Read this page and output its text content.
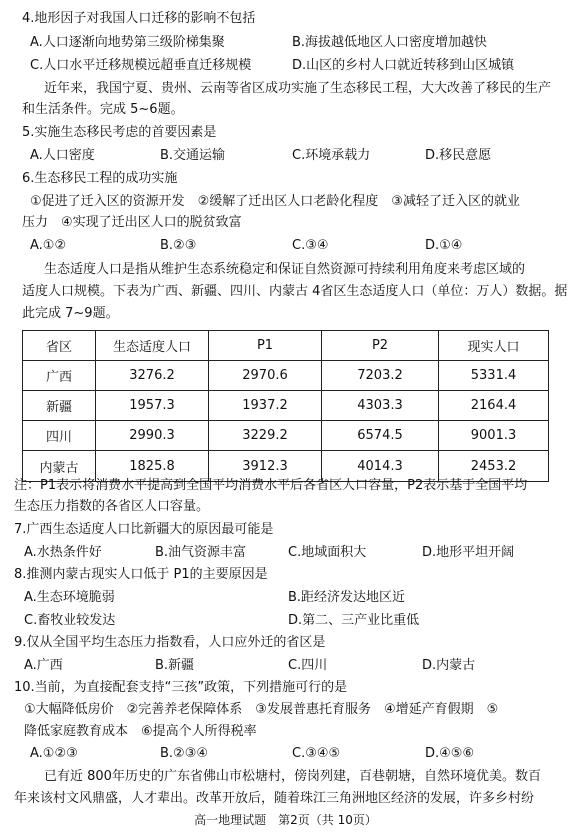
4.地形因子对我国人口迁移的影响不包括
A.人口逐渐向地势第三级阶梯集聚	B.海拔越低地区人口密度增加越快
C.人口水平迁移规模远超垂直迁移规模	D.山区的乡村人口就近转移到山区城镇
近年来，我国宁夏、贵州、云南等省区成功实施了生态移民工程，大大改善了移民的生产
和生活条件。完成 5~6题。
5.实施生态移民考虑的首要因素是
A.人口密度	B.交通运输	C.环境承载力	D.移民意愿
6.生态移民工程的成功实施
①促进了迁入区的资源开发　②缓解了迁出区人口老龄化程度　③减轻了迁入区的就业
压力　④实现了迁出区人口的脱贫致富
A.①②	B.②③	C.③④	D.①④
生态适度人口是指从维护生态系统稳定和保证自然资源可持续利用角度来考虑区域的
适度人口规模。下表为广西、新疆、四川、内蒙古 4省区生态适度人口（单位：万人）数据。据
此完成 7~9题。
省区	生态适度人口	P1	P2	现实人口
广西	3276.2	2970.6	7203.2	5331.4
新疆	1957.3	1937.2	4303.3	2164.4
四川	2990.3	3229.2	6574.5	9001.3
内蒙古	1825.8	3912.3	4014.3	2453.2
注：P1表示将消费水平提高到全国平均消费水平后各省区人口容量，P2表示基于全国平均
生态压力指数的各省区人口容量。
7.广西生态适度人口比新疆大的原因最可能是
A.水热条件好	B.油气资源丰富	C.地域面积大	D.地形平坦开阔
8.推测内蒙古现实人口低于 P1的主要原因是
A.生态环境脆弱	B.距经济发达地区近
C.畜牧业较发达	D.第二、三产业比重低
9.仅从全国平均生态压力指数看，人口应外迁的省区是
A.广西	B.新疆	C.四川	D.内蒙古
10.当前，为直接配套支持“三孩”政策，下列措施可行的是
①大幅降低房价　②完善养老保障体系　③发展普惠托育服务　④增延产育假期　⑤
降低家庭教育成本　⑥提高个人所得税率
A.①②③	B.②③④	C.③④⑤	D.④⑤⑥
已有近 800年历史的广东省佛山市松塘村，傍岗列建，百巷朝塘，自然环境优美。数百
年来该村文风鼎盛，人才辈出。改革开放后，随着珠江三角洲地区经济的发展，许多乡村纷
高一地理试题　第2页（共 10页）
